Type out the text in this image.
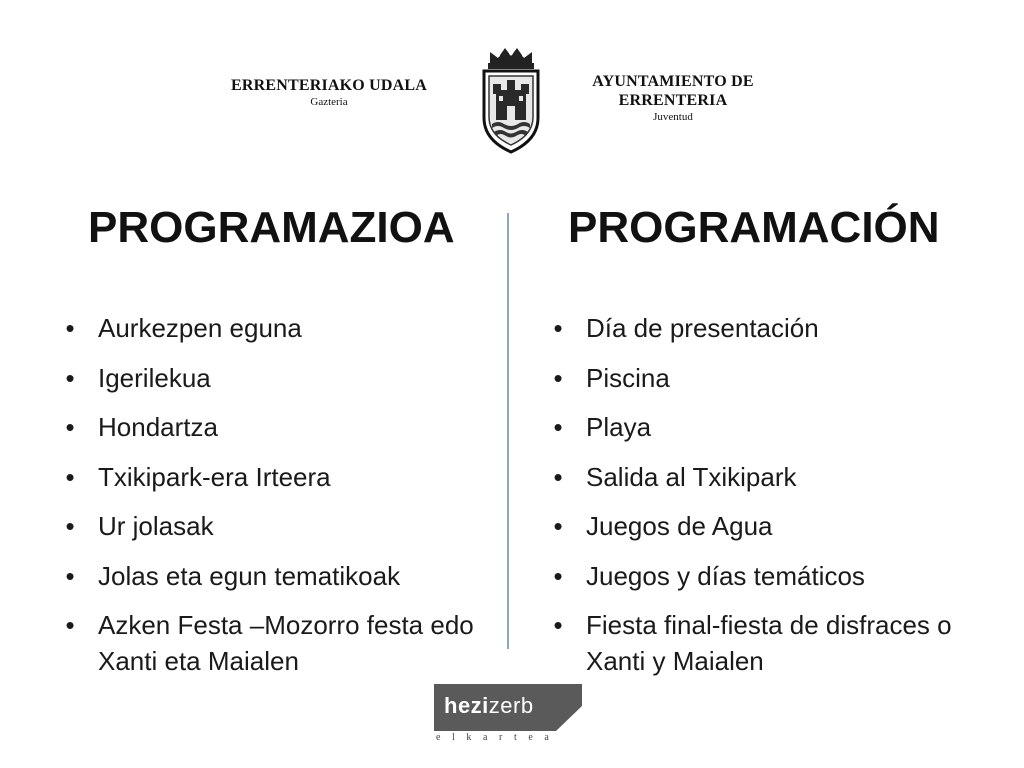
ERRENTERIAKO UDALA
Gazteria
AYUNTAMIENTO DE
ERRENTERIA
Juventud
PROGRAMAZIOA	PROGRAMACIÓN
• Aurkezpen eguna
• Igerilekua
• Hondartza
• Txikipark-era Irteera
• Ur jolasak
• Jolas eta egun tematikoak
• Azken Festa –Mozorro festa edo Xanti eta Maialen
• Día de presentación
• Piscina
• Playa
• Salida al Txikipark
• Juegos de Agua
• Juegos y días temáticos
• Fiesta final-fiesta de disfraces o Xanti y Maialen
hezizerb
elkartea
